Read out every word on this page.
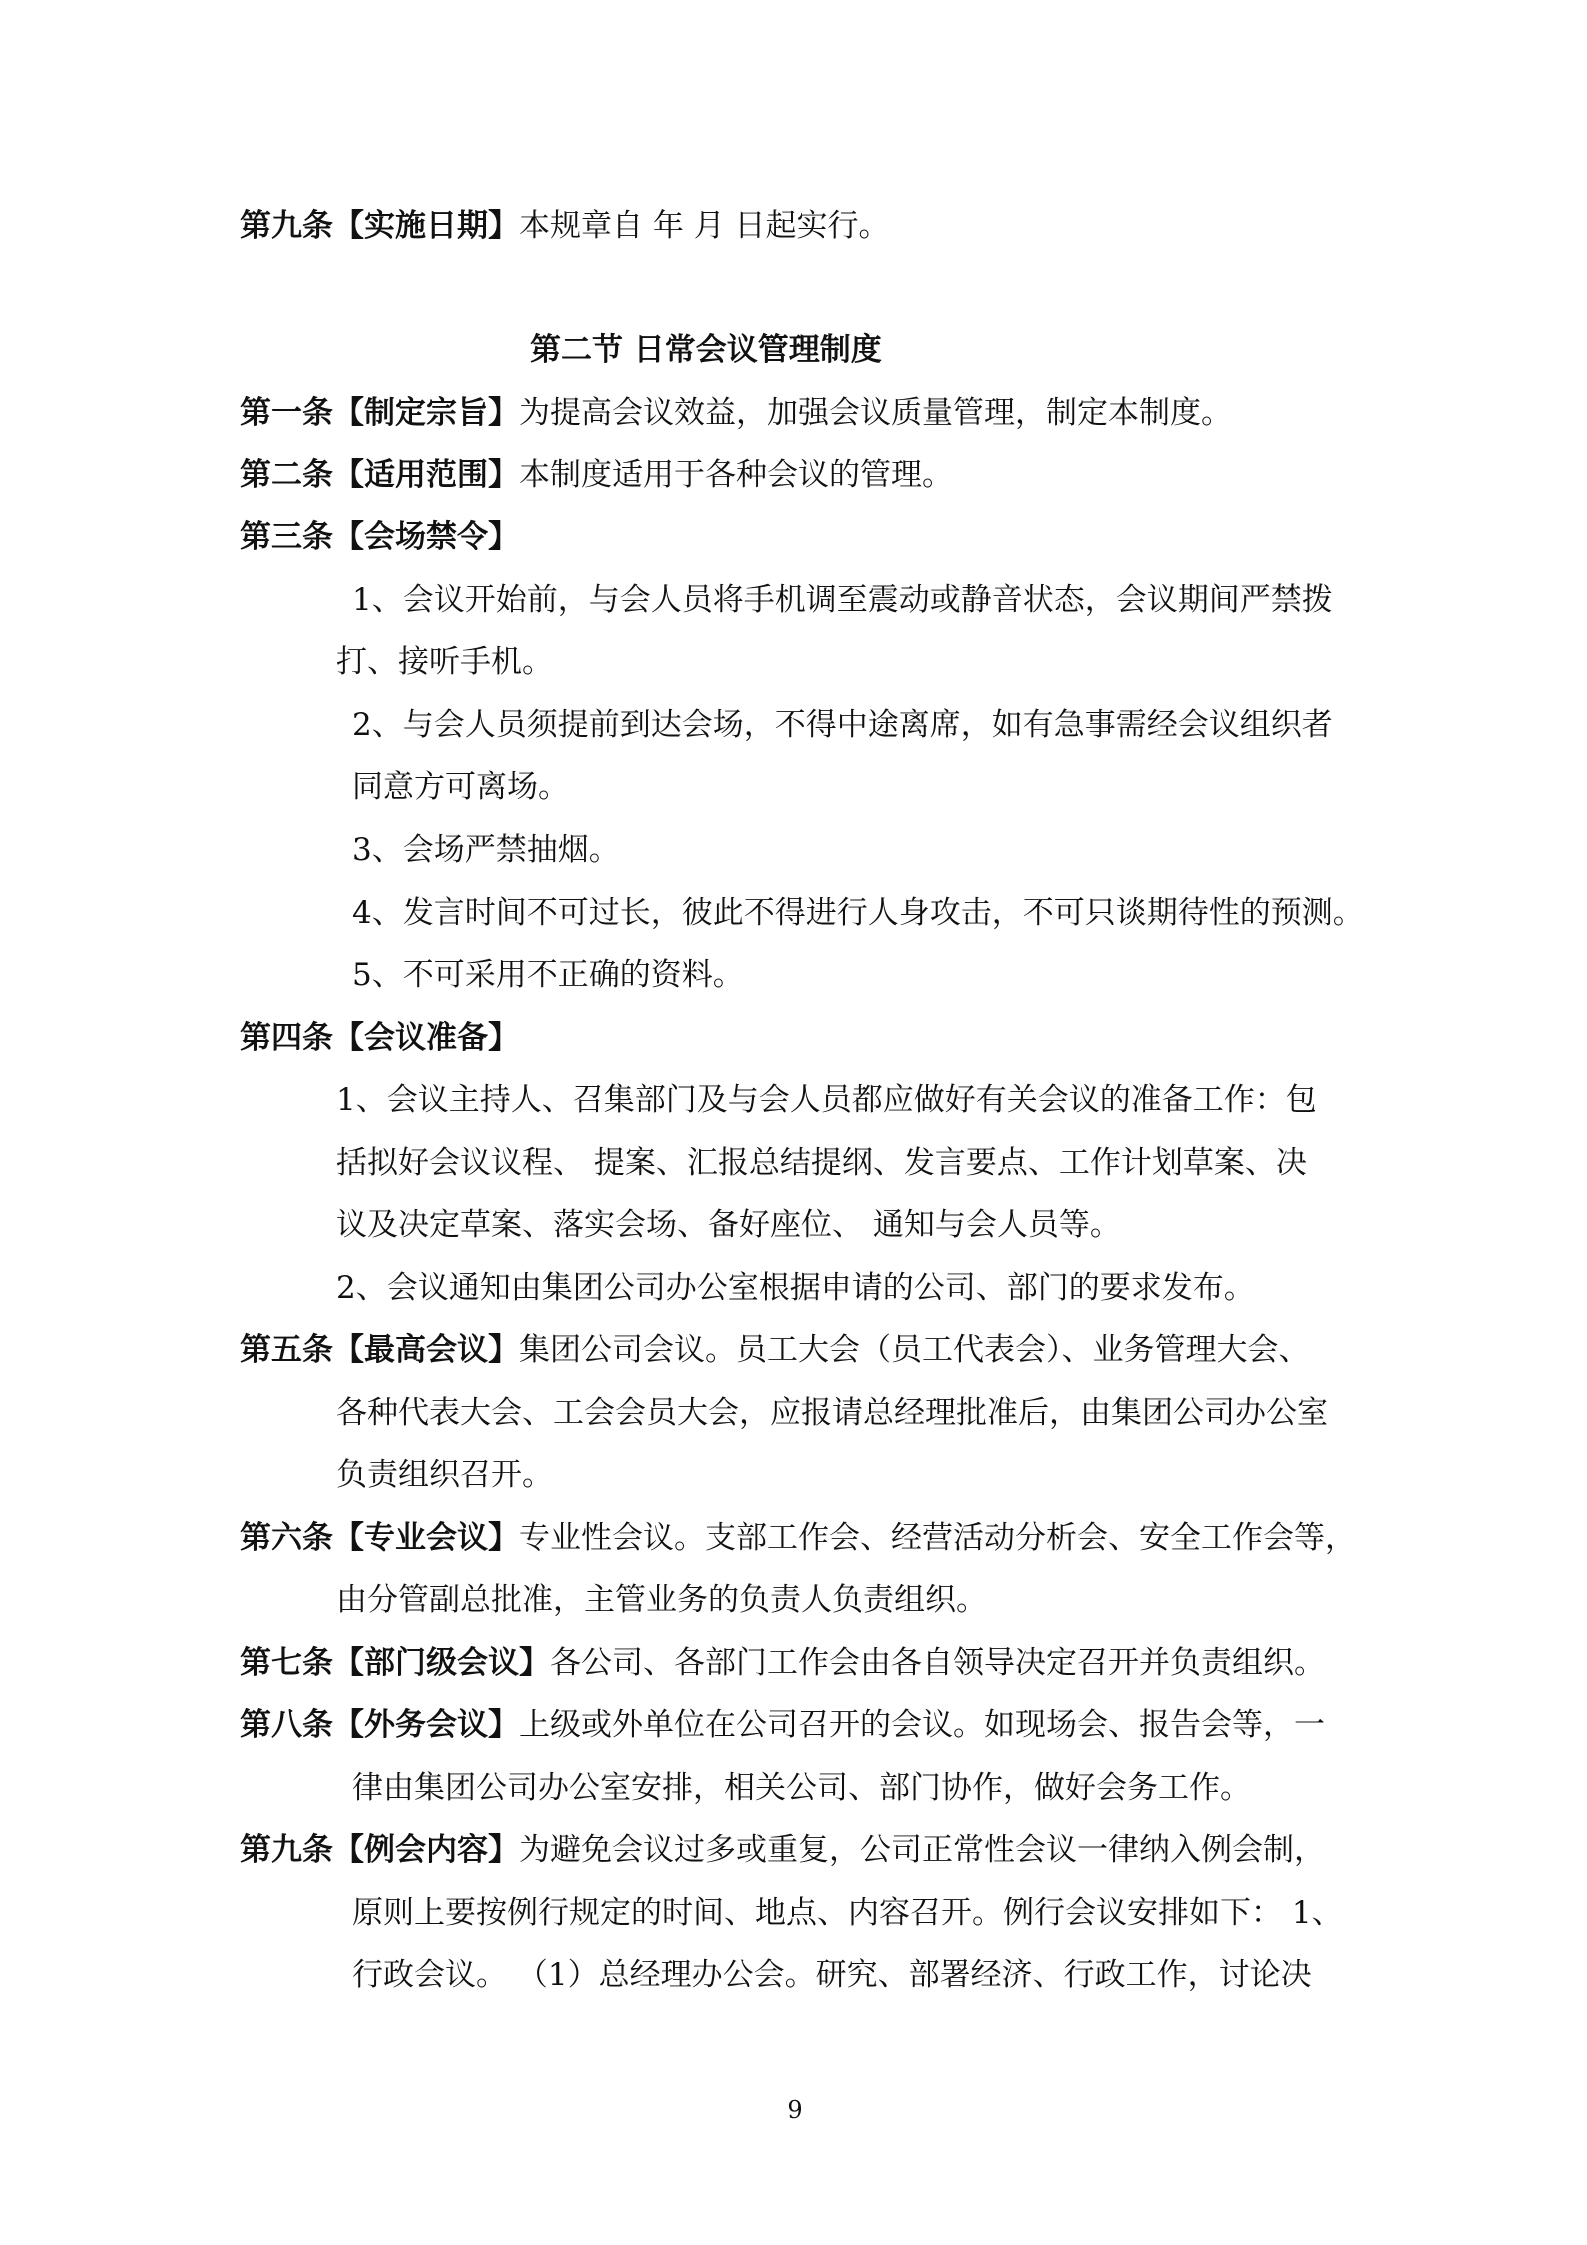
第九条【实施日期】本规章自 年 月 日起实行。
第二节 日常会议管理制度
第一条【制定宗旨】为提高会议效益，加强会议质量管理，制定本制度。
第二条【适用范围】本制度适用于各种会议的管理。
第三条【会场禁令】
1、会议开始前，与会人员将手机调至震动或静音状态，会议期间严禁拨
打、接听手机。
2、与会人员须提前到达会场，不得中途离席，如有急事需经会议组织者
同意方可离场。
3、会场严禁抽烟。
4、发言时间不可过长，彼此不得进行人身攻击，不可只谈期待性的预测。
5、不可采用不正确的资料。
第四条【会议准备】
1、会议主持人、召集部门及与会人员都应做好有关会议的准备工作：包
括拟好会议议程、 提案、汇报总结提纲、发言要点、工作计划草案、决
议及决定草案、落实会场、备好座位、 通知与会人员等。
2、会议通知由集团公司办公室根据申请的公司、部门的要求发布。
第五条【最高会议】集团公司会议。员工大会（员工代表会）、业务管理大会、
各种代表大会、工会会员大会，应报请总经理批准后，由集团公司办公室
负责组织召开。
第六条【专业会议】专业性会议。支部工作会、经营活动分析会、安全工作会等，
由分管副总批准，主管业务的负责人负责组织。
第七条【部门级会议】各公司、各部门工作会由各自领导决定召开并负责组织。
第八条【外务会议】上级或外单位在公司召开的会议。如现场会、报告会等，一
律由集团公司办公室安排，相关公司、部门协作，做好会务工作。
第九条【例会内容】为避免会议过多或重复，公司正常性会议一律纳入例会制，
原则上要按例行规定的时间、地点、内容召开。例行会议安排如下： 1、
行政会议。 （1）总经理办公会。研究、部署经济、行政工作，讨论决
9
